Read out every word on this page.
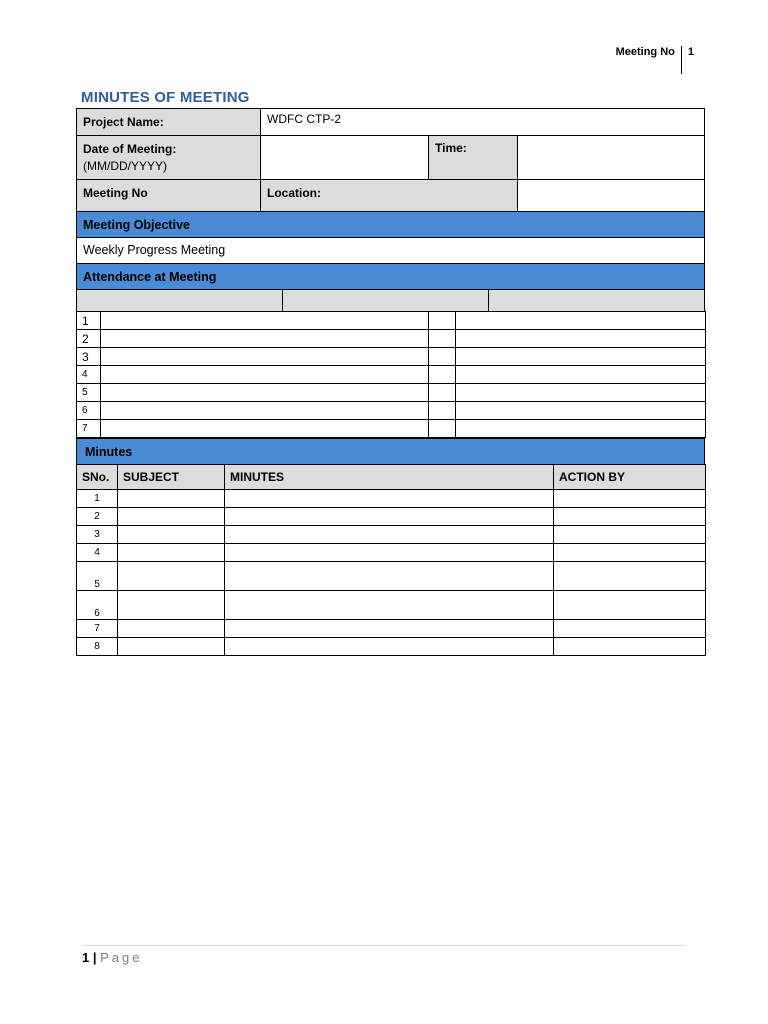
Meeting No	1
MINUTES OF MEETING
Project Name:	WDFC CTP-2
Date of Meeting:
(MM/DD/YYYY)
Time:
Meeting No	Location:
Meeting Objective
Weekly Progress Meeting
Attendance at Meeting
1			
2			
3			
4			
5			
6			
7			
Minutes
SNo.	SUBJECT	MINUTES	ACTION BY
1			
2			
3			
4			
5			
6			
7			
8			
1 | Page
